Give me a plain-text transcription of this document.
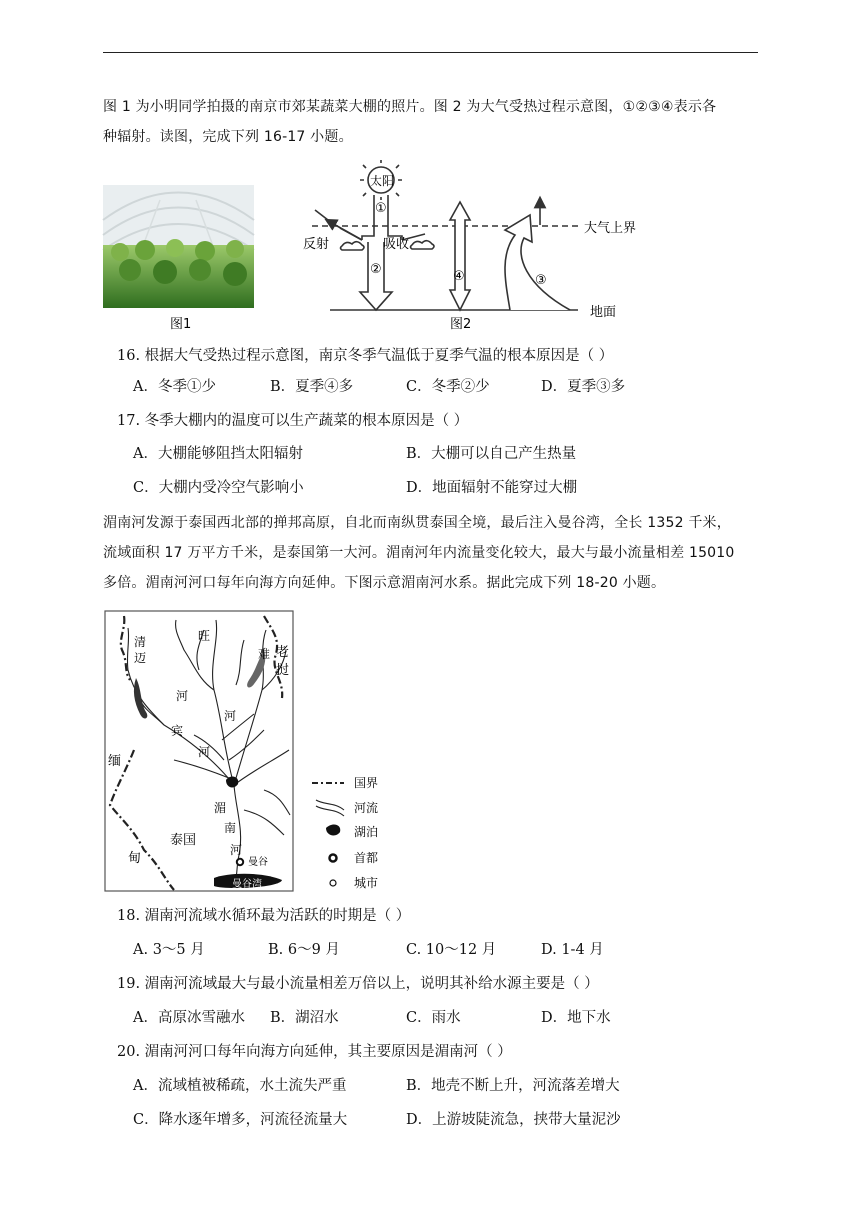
图 1 为小明同学拍摄的南京市郊某蔬菜大棚的照片。图 2 为大气受热过程示意图，①②③④表示各
种辐射。读图，完成下列 16-17 小题。
图1
太阳
①
反射	吸收
②	④	③
大气上界
地面
图2
16. 根据大气受热过程示意图，南京冬季气温低于夏季气温的根本原因是（ ）
A．冬季①少	B．夏季④多	C．冬季②少	D．夏季③多
17. 冬季大棚内的温度可以生产蔬菜的根本原因是（ ）
A．大棚能够阻挡太阳辐射	B．大棚可以自己产生热量
C．大棚内受冷空气影响小	D．地面辐射不能穿过大棚
湄南河发源于泰国西北部的掸邦高原，自北而南纵贯泰国全境，最后注入曼谷湾，全长 1352 千米，
流域面积 17 万平方千米，是泰国第一大河。湄南河年内流量变化较大，最大与最小流量相差 15010
多倍。湄南河河口每年向海方向延伸。下图示意湄南河水系。据此完成下列 18-20 小题。
清
迈
旺
难 老
挝
河
河
宾
河
缅
甸
湄
南
河
泰国
曼谷
曼谷湾
国界
河流
湖泊
首都
城市
18. 湄南河流域水循环最为活跃的时期是（ ）
A. 3～5 月	B. 6～9 月	C. 10～12 月	D. 1-4 月
19. 湄南河流域最大与最小流量相差万倍以上，说明其补给水源主要是（ ）
A．高原冰雪融水 B．湖沼水	C．雨水	D．地下水
20. 湄南河河口每年向海方向延伸，其主要原因是湄南河（ ）
A．流域植被稀疏，水土流失严重	B．地壳不断上升，河流落差增大
C．降水逐年增多，河流径流量大	D．上游坡陡流急，挟带大量泥沙
